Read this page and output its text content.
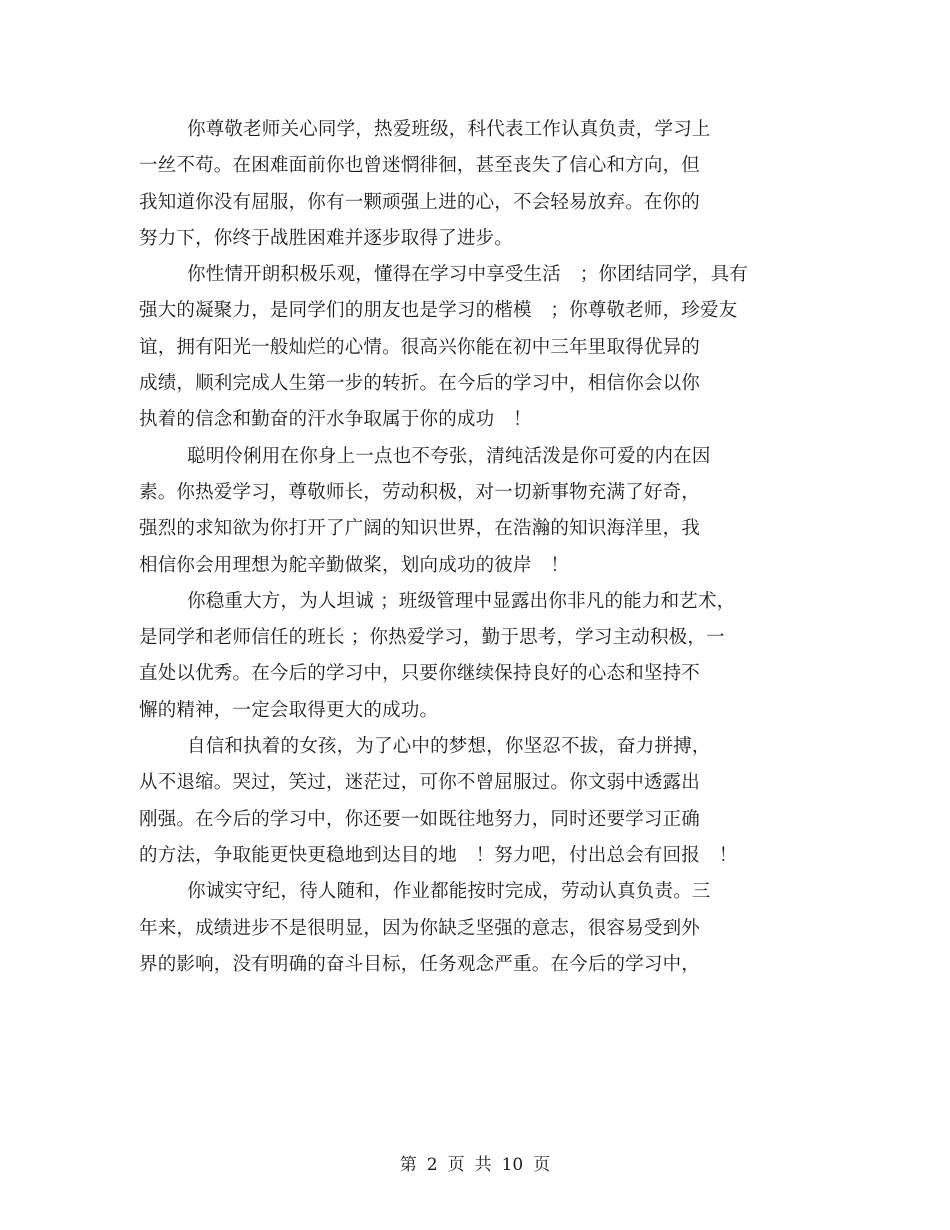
你尊敬老师关心同学，热爱班级，科代表工作认真负责，学习上
一丝不苟。在困难面前你也曾迷惘徘徊，甚至丧失了信心和方向，但
我知道你没有屈服，你有一颗顽强上进的心，不会轻易放弃。在你的
努力下，你终于战胜困难并逐步取得了进步。
你性情开朗积极乐观，懂得在学习中享受生活　；你团结同学，具有
强大的凝聚力，是同学们的朋友也是学习的楷模　；你尊敬老师，珍爱友
谊，拥有阳光一般灿烂的心情。很高兴你能在初中三年里取得优异的
成绩，顺利完成人生第一步的转折。在今后的学习中，相信你会以你
执着的信念和勤奋的汗水争取属于你的成功　！
聪明伶俐用在你身上一点也不夸张，清纯活泼是你可爱的内在因
素。你热爱学习，尊敬师长，劳动积极，对一切新事物充满了好奇，
强烈的求知欲为你打开了广阔的知识世界，在浩瀚的知识海洋里，我
相信你会用理想为舵辛勤做桨，划向成功的彼岸　！
你稳重大方，为人坦诚 ；班级管理中显露出你非凡的能力和艺术，
是同学和老师信任的班长 ；你热爱学习，勤于思考，学习主动积极，一
直处以优秀。在今后的学习中，只要你继续保持良好的心态和坚持不
懈的精神，一定会取得更大的成功。
自信和执着的女孩，为了心中的梦想，你坚忍不拔，奋力拼搏，
从不退缩。哭过，笑过，迷茫过，可你不曾屈服过。你文弱中透露出
刚强。在今后的学习中，你还要一如既往地努力，同时还要学习正确
的方法，争取能更快更稳地到达目的地　！努力吧，付出总会有回报　！
你诚实守纪，待人随和，作业都能按时完成，劳动认真负责。三
年来，成绩进步不是很明显，因为你缺乏坚强的意志，很容易受到外
界的影响，没有明确的奋斗目标，任务观念严重。在今后的学习中，
第 2 页 共 10 页
